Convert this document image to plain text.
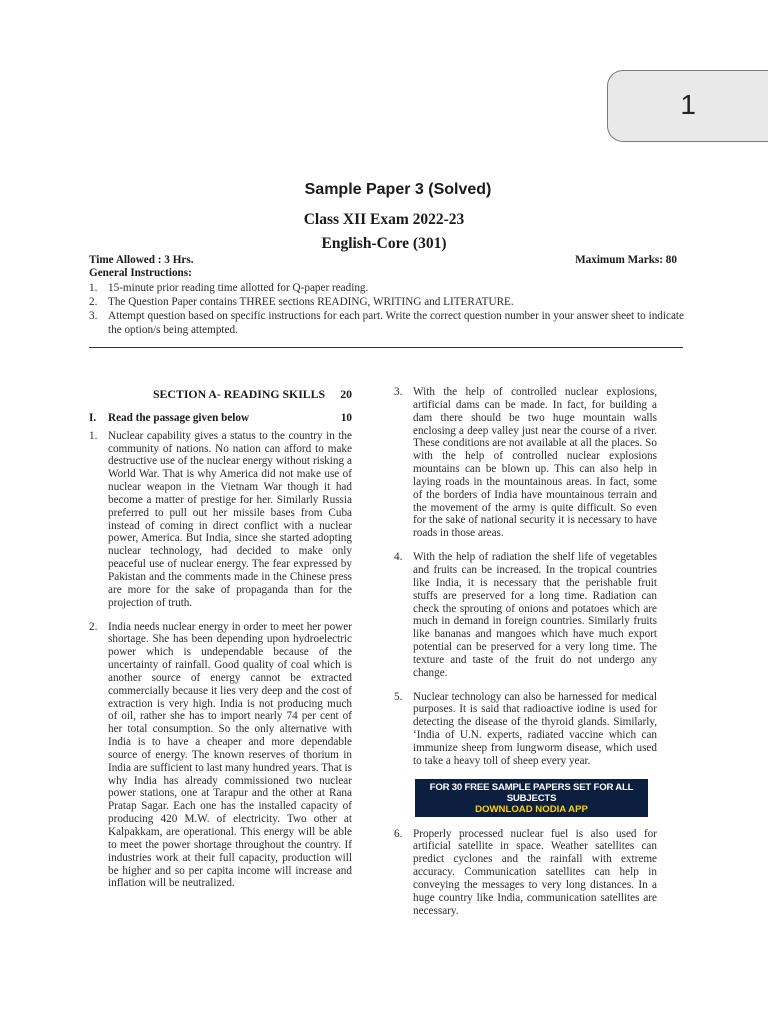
1
Sample Paper 3 (Solved)
Class XII Exam 2022-23
English-Core (301)
Time Allowed : 3 Hrs.	Maximum Marks: 80
General Instructions:
1. 15-minute prior reading time allotted for Q-paper reading.
2. The Question Paper contains THREE sections READING, WRITING and LITERATURE.
3. Attempt question based on specific instructions for each part. Write the correct question number in your answer sheet to indicate the option/s being attempted.
SECTION A- READING SKILLS 20
I.	Read the passage given below	10
1. Nuclear capability gives a status to the country in the community of nations. No nation can afford to make destructive use of the nuclear energy without risking a World War. That is why America did not make use of nuclear weapon in the Vietnam War though it had become a matter of prestige for her. Similarly Russia preferred to pull out her missile bases from Cuba instead of coming in direct conflict with a nuclear power, America. But India, since she started adopting nuclear technology, had decided to make only peaceful use of nuclear energy. The fear expressed by Pakistan and the comments made in the Chinese press are more for the sake of propaganda than for the projection of truth.
2. India needs nuclear energy in order to meet her power shortage. She has been depending upon hydroelectric power which is undependable because of the uncertainty of rainfall. Good quality of coal which is another source of energy cannot be extracted commercially because it lies very deep and the cost of extraction is very high. India is not producing much of oil, rather she has to import nearly 74 per cent of her total consumption. So the only alternative with India is to have a cheaper and more dependable source of energy. The known reserves of thorium in India are sufficient to last many hundred years. That is why India has already commissioned two nuclear power stations, one at Tarapur and the other at Rana Pratap Sagar. Each one has the installed capacity of producing 420 M.W. of electricity. Two other at Kalpakkam, are operational. This energy will be able to meet the power shortage throughout the country. If industries work at their full capacity, production will be higher and so per capita income will increase and inflation will be neutralized.
3. With the help of controlled nuclear explosions, artificial dams can be made. In fact, for building a dam there should be two huge mountain walls enclosing a deep valley just near the course of a river. These conditions are not available at all the places. So with the help of controlled nuclear explosions mountains can be blown up. This can also help in laying roads in the mountainous areas. In fact, some of the borders of India have mountainous terrain and the movement of the army is quite difficult. So even for the sake of national security it is necessary to have roads in those areas.
4. With the help of radiation the shelf life of vegetables and fruits can be increased. In the tropical countries like India, it is necessary that the perishable fruit stuffs are preserved for a long time. Radiation can check the sprouting of onions and potatoes which are much in demand in foreign countries. Similarly fruits like bananas and mangoes which have much export potential can be preserved for a very long time. The texture and taste of the fruit do not undergo any change.
5. Nuclear technology can also be harnessed for medical purposes. It is said that radioactive iodine is used for detecting the disease of the thyroid glands. Similarly, ‘India of U.N. experts, radiated vaccine which can immunize sheep from lungworm disease, which used to take a heavy toll of sheep every year.
FOR 30 FREE SAMPLE PAPERS SET FOR ALL SUBJECTS
DOWNLOAD NODIA APP
6. Properly processed nuclear fuel is also used for artificial satellite in space. Weather satellites can predict cyclones and the rainfall with extreme accuracy. Communication satellites can help in conveying the messages to very long distances. In a huge country like India, communication satellites are necessary.
